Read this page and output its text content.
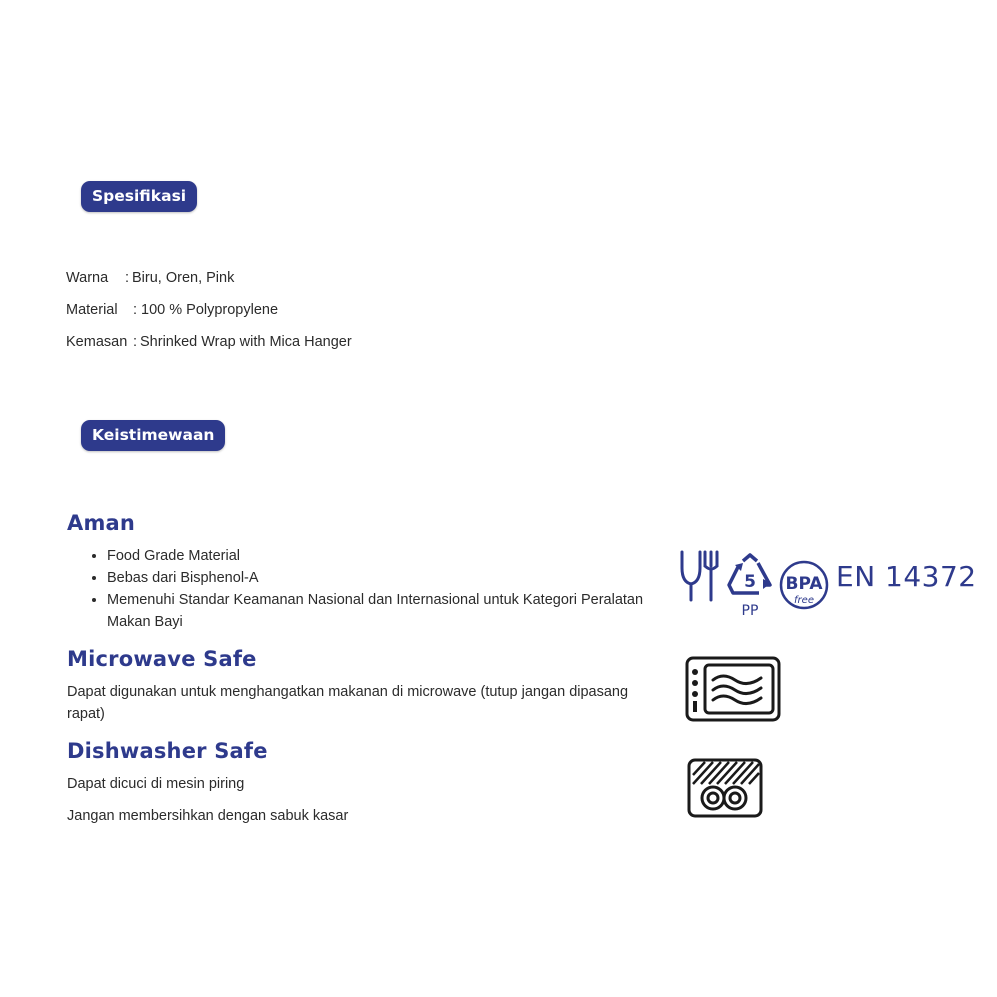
Spesifikasi
Warna : Biru, Oren, Pink
Material : 100 % Polypropylene
Kemasan : Shrinked Wrap with Mica Hanger
Keistimewaan
Aman
• Food Grade Material
• Bebas dari Bisphenol-A
• Memenuhi Standar Keamanan Nasional dan Internasional untuk Kategori Peralatan Makan Bayi
Microwave Safe
Dapat digunakan untuk menghangatkan makanan di microwave (tutup jangan dipasang rapat)
Dishwasher Safe
Dapat dicuci di mesin piring
Jangan membersihkan dengan sabuk kasar
5
PP
BPA
free
EN 14372
